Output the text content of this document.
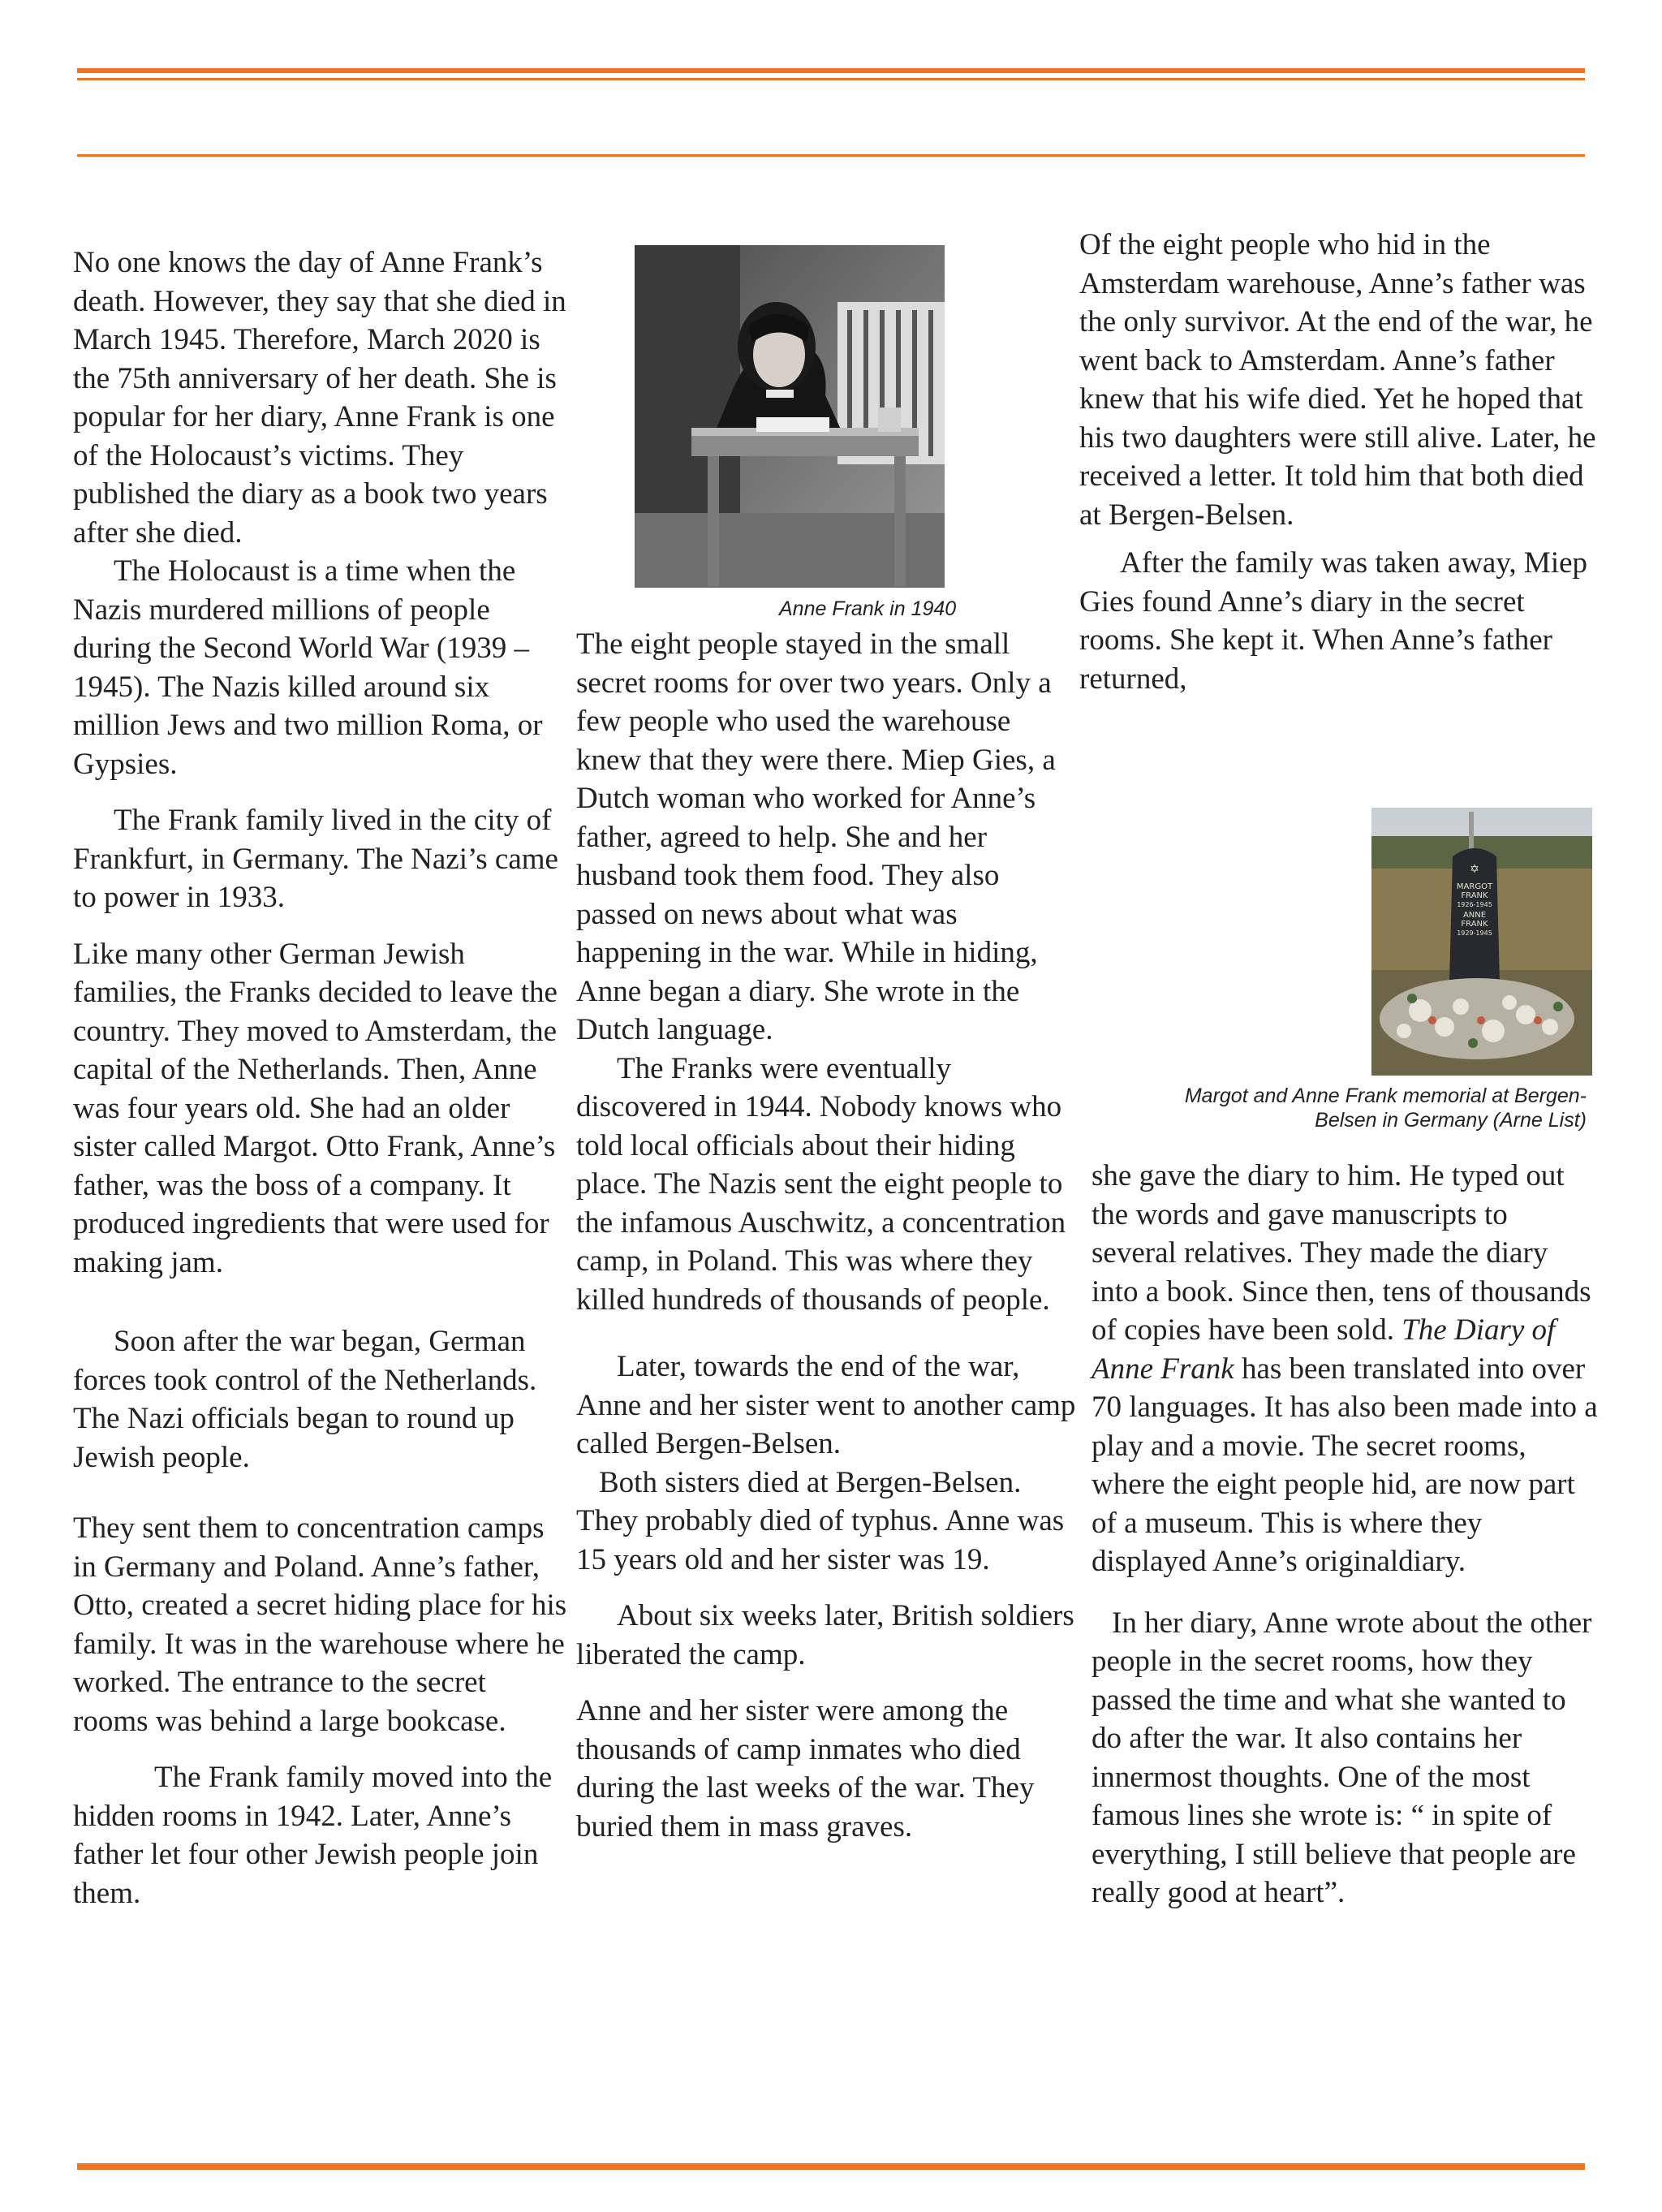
No one knows the day of Anne Frank’s death. However, they say that she died in March 1945. Therefore, March 2020 is the 75th anniversary of her death. She is popular for her diary, Anne Frank is one of the Holocaust’s victims. They published the diary as a book two years after she died.

The Holocaust is a time when the Nazis murdered millions of people during the Second World War (1939 – 1945). The Nazis killed around six million Jews and two million Roma, or Gypsies.

The Frank family lived in the city of Frankfurt, in Germany. The Nazi’s came to power in 1933.

Like many other German Jewish families, the Franks decided to leave the country. They moved to Amsterdam, the capital of the Netherlands. Then, Anne was four years old. She had an older sister called Margot. Otto Frank, Anne’s father, was the boss of a company. It produced ingredients that were used for making jam.

Soon after the war began, German forces took control of the Netherlands. The Nazi officials began to round up Jewish people.

They sent them to concentration camps in Germany and Poland. Anne’s father, Otto, created a secret hiding place for his family. It was in the warehouse where he worked. The entrance to the secret rooms was behind a large bookcase.

The Frank family moved into the hidden rooms in 1942. Later, Anne’s father let four other Jewish people join them.

Anne Frank in 1940

The eight people stayed in the small secret rooms for over two years. Only a few people who used the warehouse knew that they were there. Miep Gies, a Dutch woman who worked for Anne’s father, agreed to help. She and her husband took them food. They also passed on news about what was happening in the war. While in hiding, Anne began a diary. She wrote in the Dutch language.

The Franks were eventually discovered in 1944. Nobody knows who told local officials about their hiding place. The Nazis sent the eight people to the infamous Auschwitz, a concentration camp, in Poland. This was where they killed hundreds of thousands of people.

Later, towards the end of the war, Anne and her sister went to another camp called Bergen-Belsen.

Both sisters died at Bergen-Belsen. They probably died of typhus. Anne was 15 years old and her sister was 19.

About six weeks later, British soldiers liberated the camp.

Anne and her sister were among the thousands of camp inmates who died during the last weeks of the war. They buried them in mass graves.

Of the eight people who hid in the Amsterdam warehouse, Anne’s father was the only survivor. At the end of the war, he went back to Amsterdam. Anne’s father knew that his wife died. Yet he hoped that his two daughters were still alive. Later, he received a letter. It told him that both died at Bergen-Belsen.

After the family was taken away, Miep Gies found Anne’s diary in the secret rooms. She kept it. When Anne’s father returned,

✡
MARGOT
FRANK
1926-1945
ANNE
FRANK
1929-1945
Margot and Anne Frank memorial at Bergen-Belsen in Germany (Arne List)

she gave the diary to him. He typed out the words and gave manuscripts to several relatives. They made the diary into a book. Since then, tens of thousands of copies have been sold. The Diary of Anne Frank has been translated into over 70 languages. It has also been made into a play and a movie. The secret rooms, where the eight people hid, are now part of a museum. This is where they displayed Anne’s originaldiary.

In her diary, Anne wrote about the other people in the secret rooms, how they passed the time and what she wanted to do after the war. It also contains her innermost thoughts. One of the most famous lines she wrote is: “ in spite of everything, I still believe that people are really good at heart”.
